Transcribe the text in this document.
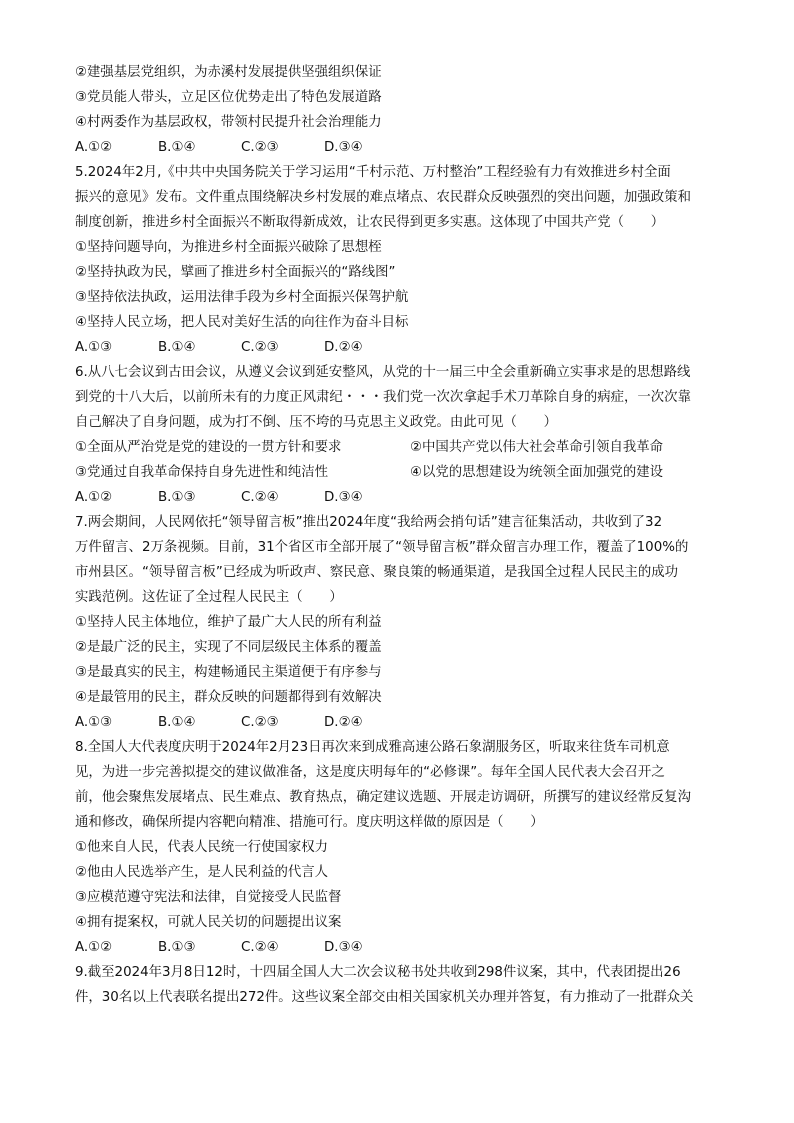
②建强基层党组织，为赤溪村发展提供坚强组织保证
③党员能人带头，立足区位优势走出了特色发展道路
④村两委作为基层政权，带领村民提升社会治理能力
A.①②	B.①④	C.②③	D.③④
5.2024年2月,《中共中央国务院关于学习运用“千村示范、万村整治”工程经验有力有效推进乡村全面
振兴的意见》发布。文件重点围绕解决乡村发展的难点堵点、农民群众反映强烈的突出问题，加强政策和
制度创新，推进乡村全面振兴不断取得新成效，让农民得到更多实惠。这体现了中国共产党（　　）
①坚持问题导向，为推进乡村全面振兴破除了思想桎
②坚持执政为民，擘画了推进乡村全面振兴的“路线图”
③坚持依法执政，运用法律手段为乡村全面振兴保驾护航
④坚持人民立场，把人民对美好生活的向往作为奋斗目标
A.①③	B.①④	C.②③	D.②④
6.从八七会议到古田会议，从遵义会议到延安整风，从党的十一届三中全会重新确立实事求是的思想路线
到党的十八大后，以前所未有的力度正风肃纪・・・我们党一次次拿起手术刀革除自身的病症，一次次靠
自己解决了自身问题，成为打不倒、压不垮的马克思主义政党。由此可见（　　）
①全面从严治党是党的建设的一贯方针和要求	②中国共产党以伟大社会革命引领自我革命
③党通过自我革命保持自身先进性和纯洁性	④以党的思想建设为统领全面加强党的建设
A.①②	B.①③	C.②④	D.③④
7.两会期间，人民网依托“领导留言板”推出2024年度“我给两会捎句话”建言征集活动，共收到了32
万件留言、2万条视频。目前，31个省区市全部开展了“领导留言板”群众留言办理工作，覆盖了100%的
市州县区。“领导留言板”已经成为听政声、察民意、聚良策的畅通渠道，是我国全过程人民民主的成功
实践范例。这佐证了全过程人民民主（　　）
①坚持人民主体地位，维护了最广大人民的所有利益
②是最广泛的民主，实现了不同层级民主体系的覆盖
③是最真实的民主，构建畅通民主渠道便于有序参与
④是最管用的民主，群众反映的问题都得到有效解决
A.①③	B.①④	C.②③	D.②④
8.全国人大代表度庆明于2024年2月23日再次来到成雅高速公路石象湖服务区，听取来往货车司机意
见，为进一步完善拟提交的建议做准备，这是度庆明每年的“必修课”。每年全国人民代表大会召开之
前，他会聚焦发展堵点、民生难点、教育热点，确定建议选题、开展走访调研，所撰写的建议经常反复沟
通和修改，确保所提内容靶向精准、措施可行。度庆明这样做的原因是（　　）
①他来自人民，代表人民统一行使国家权力
②他由人民选举产生，是人民利益的代言人
③应模范遵守宪法和法律，自觉接受人民监督
④拥有提案权，可就人民关切的问题提出议案
A.①②	B.①③	C.②④	D.③④
9.截至2024年3月8日12时，十四届全国人大二次会议秘书处共收到298件议案，其中，代表团提出26
件，30名以上代表联名提出272件。这些议案全部交由相关国家机关办理并答复，有力推动了一批群众关
